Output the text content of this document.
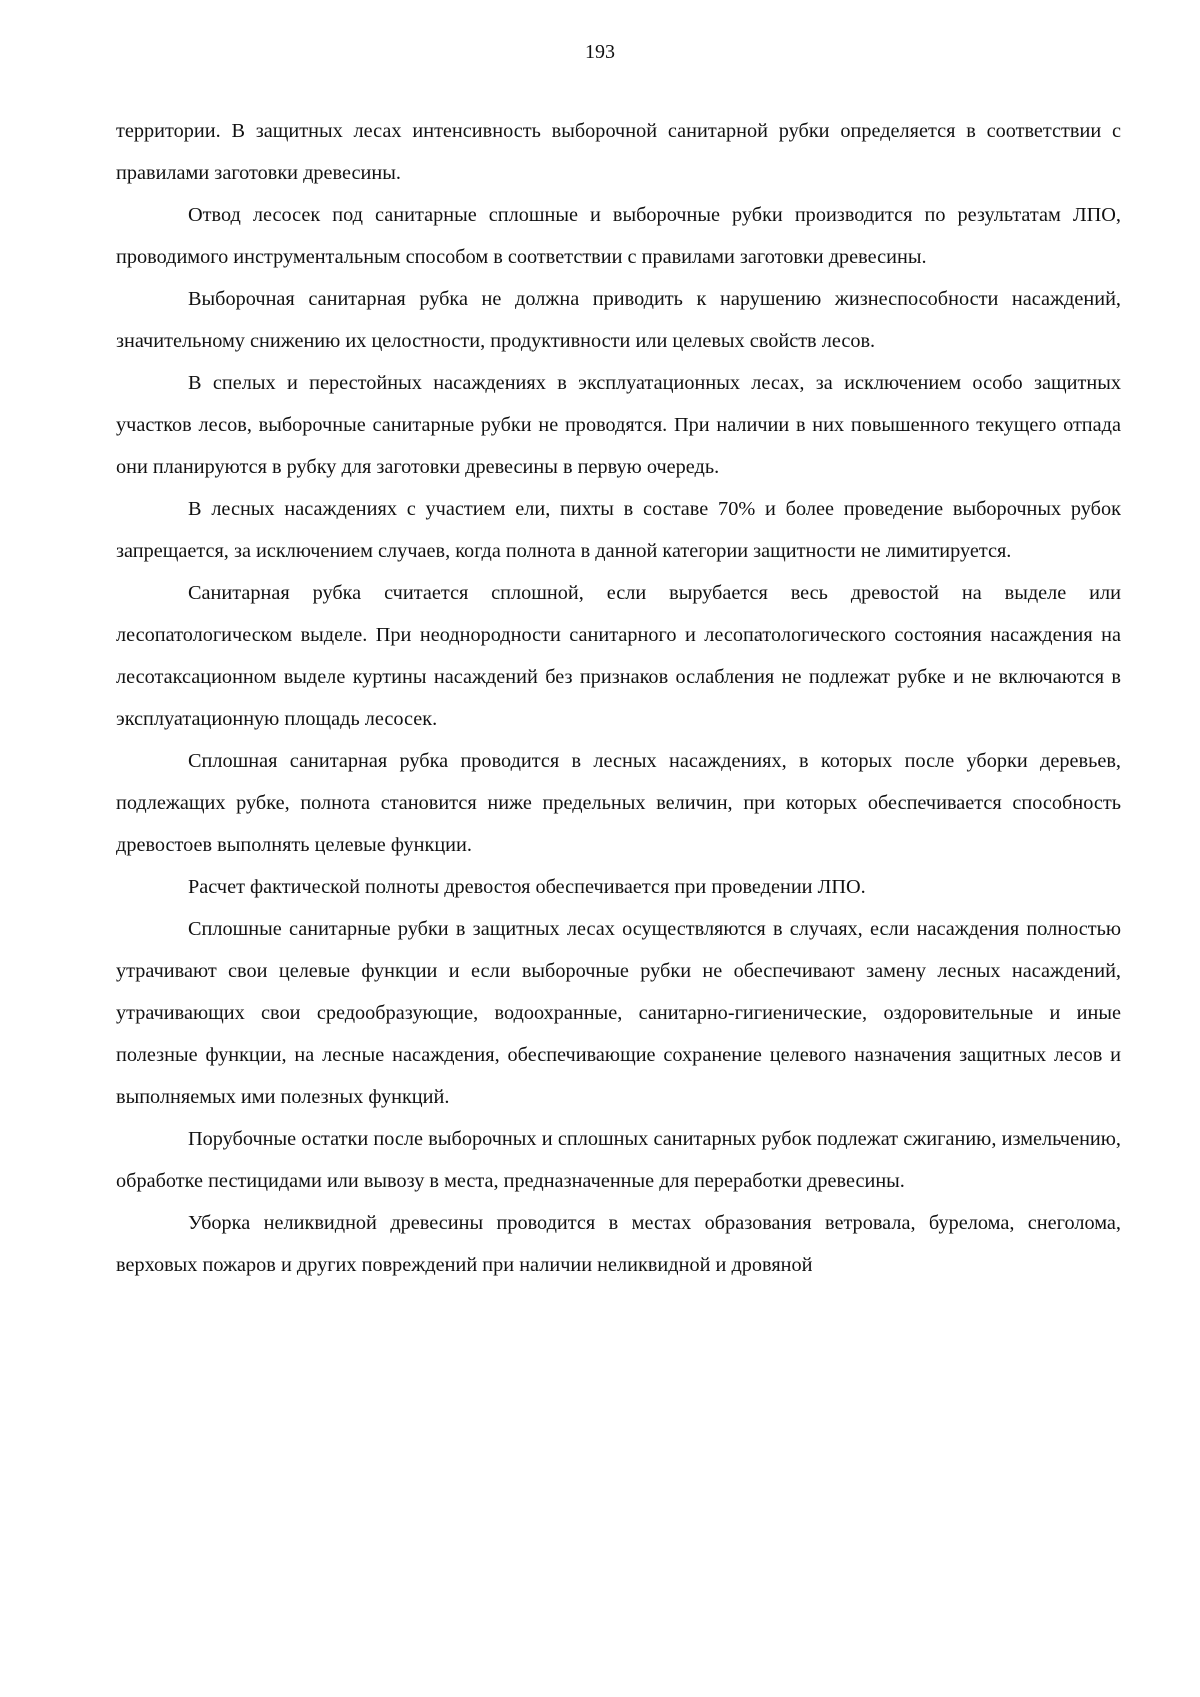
193

территории. В защитных лесах интенсивность выборочной санитарной рубки определяется в соответствии с правилами заготовки древесины.

Отвод лесосек под санитарные сплошные и выборочные рубки производится по результатам ЛПО, проводимого инструментальным способом в соответствии с правилами заготовки древесины.

Выборочная санитарная рубка не должна приводить к нарушению жизнеспособности насаждений, значительному снижению их целостности, продуктивности или целевых свойств лесов.

В спелых и перестойных насаждениях в эксплуатационных лесах, за исключением особо защитных участков лесов, выборочные санитарные рубки не проводятся. При наличии в них повышенного текущего отпада они планируются в рубку для заготовки древесины в первую очередь.

В лесных насаждениях с участием ели, пихты в составе 70% и более проведение выборочных рубок запрещается, за исключением случаев, когда полнота в данной категории защитности не лимитируется.

Санитарная рубка считается сплошной, если вырубается весь древостой на выделе или лесопатологическом выделе. При неоднородности санитарного и лесопатологического состояния насаждения на лесотаксационном выделе куртины насаждений без признаков ослабления не подлежат рубке и не включаются в эксплуатационную площадь лесосек.

Сплошная санитарная рубка проводится в лесных насаждениях, в которых после уборки деревьев, подлежащих рубке, полнота становится ниже предельных величин, при которых обеспечивается способность древостоев выполнять целевые функции.

Расчет фактической полноты древостоя обеспечивается при проведении ЛПО.

Сплошные санитарные рубки в защитных лесах осуществляются в случаях, если насаждения полностью утрачивают свои целевые функции и если выборочные рубки не обеспечивают замену лесных насаждений, утрачивающих свои средообразующие, водоохранные, санитарно-гигиенические, оздоровительные и иные полезные функции, на лесные насаждения, обеспечивающие сохранение целевого назначения защитных лесов и выполняемых ими полезных функций.

Порубочные остатки после выборочных и сплошных санитарных рубок подлежат сжиганию, измельчению, обработке пестицидами или вывозу в места, предназначенные для переработки древесины.

Уборка неликвидной древесины проводится в местах образования ветровала, бурелома, снеголома, верховых пожаров и других повреждений при наличии неликвидной и дровяной
